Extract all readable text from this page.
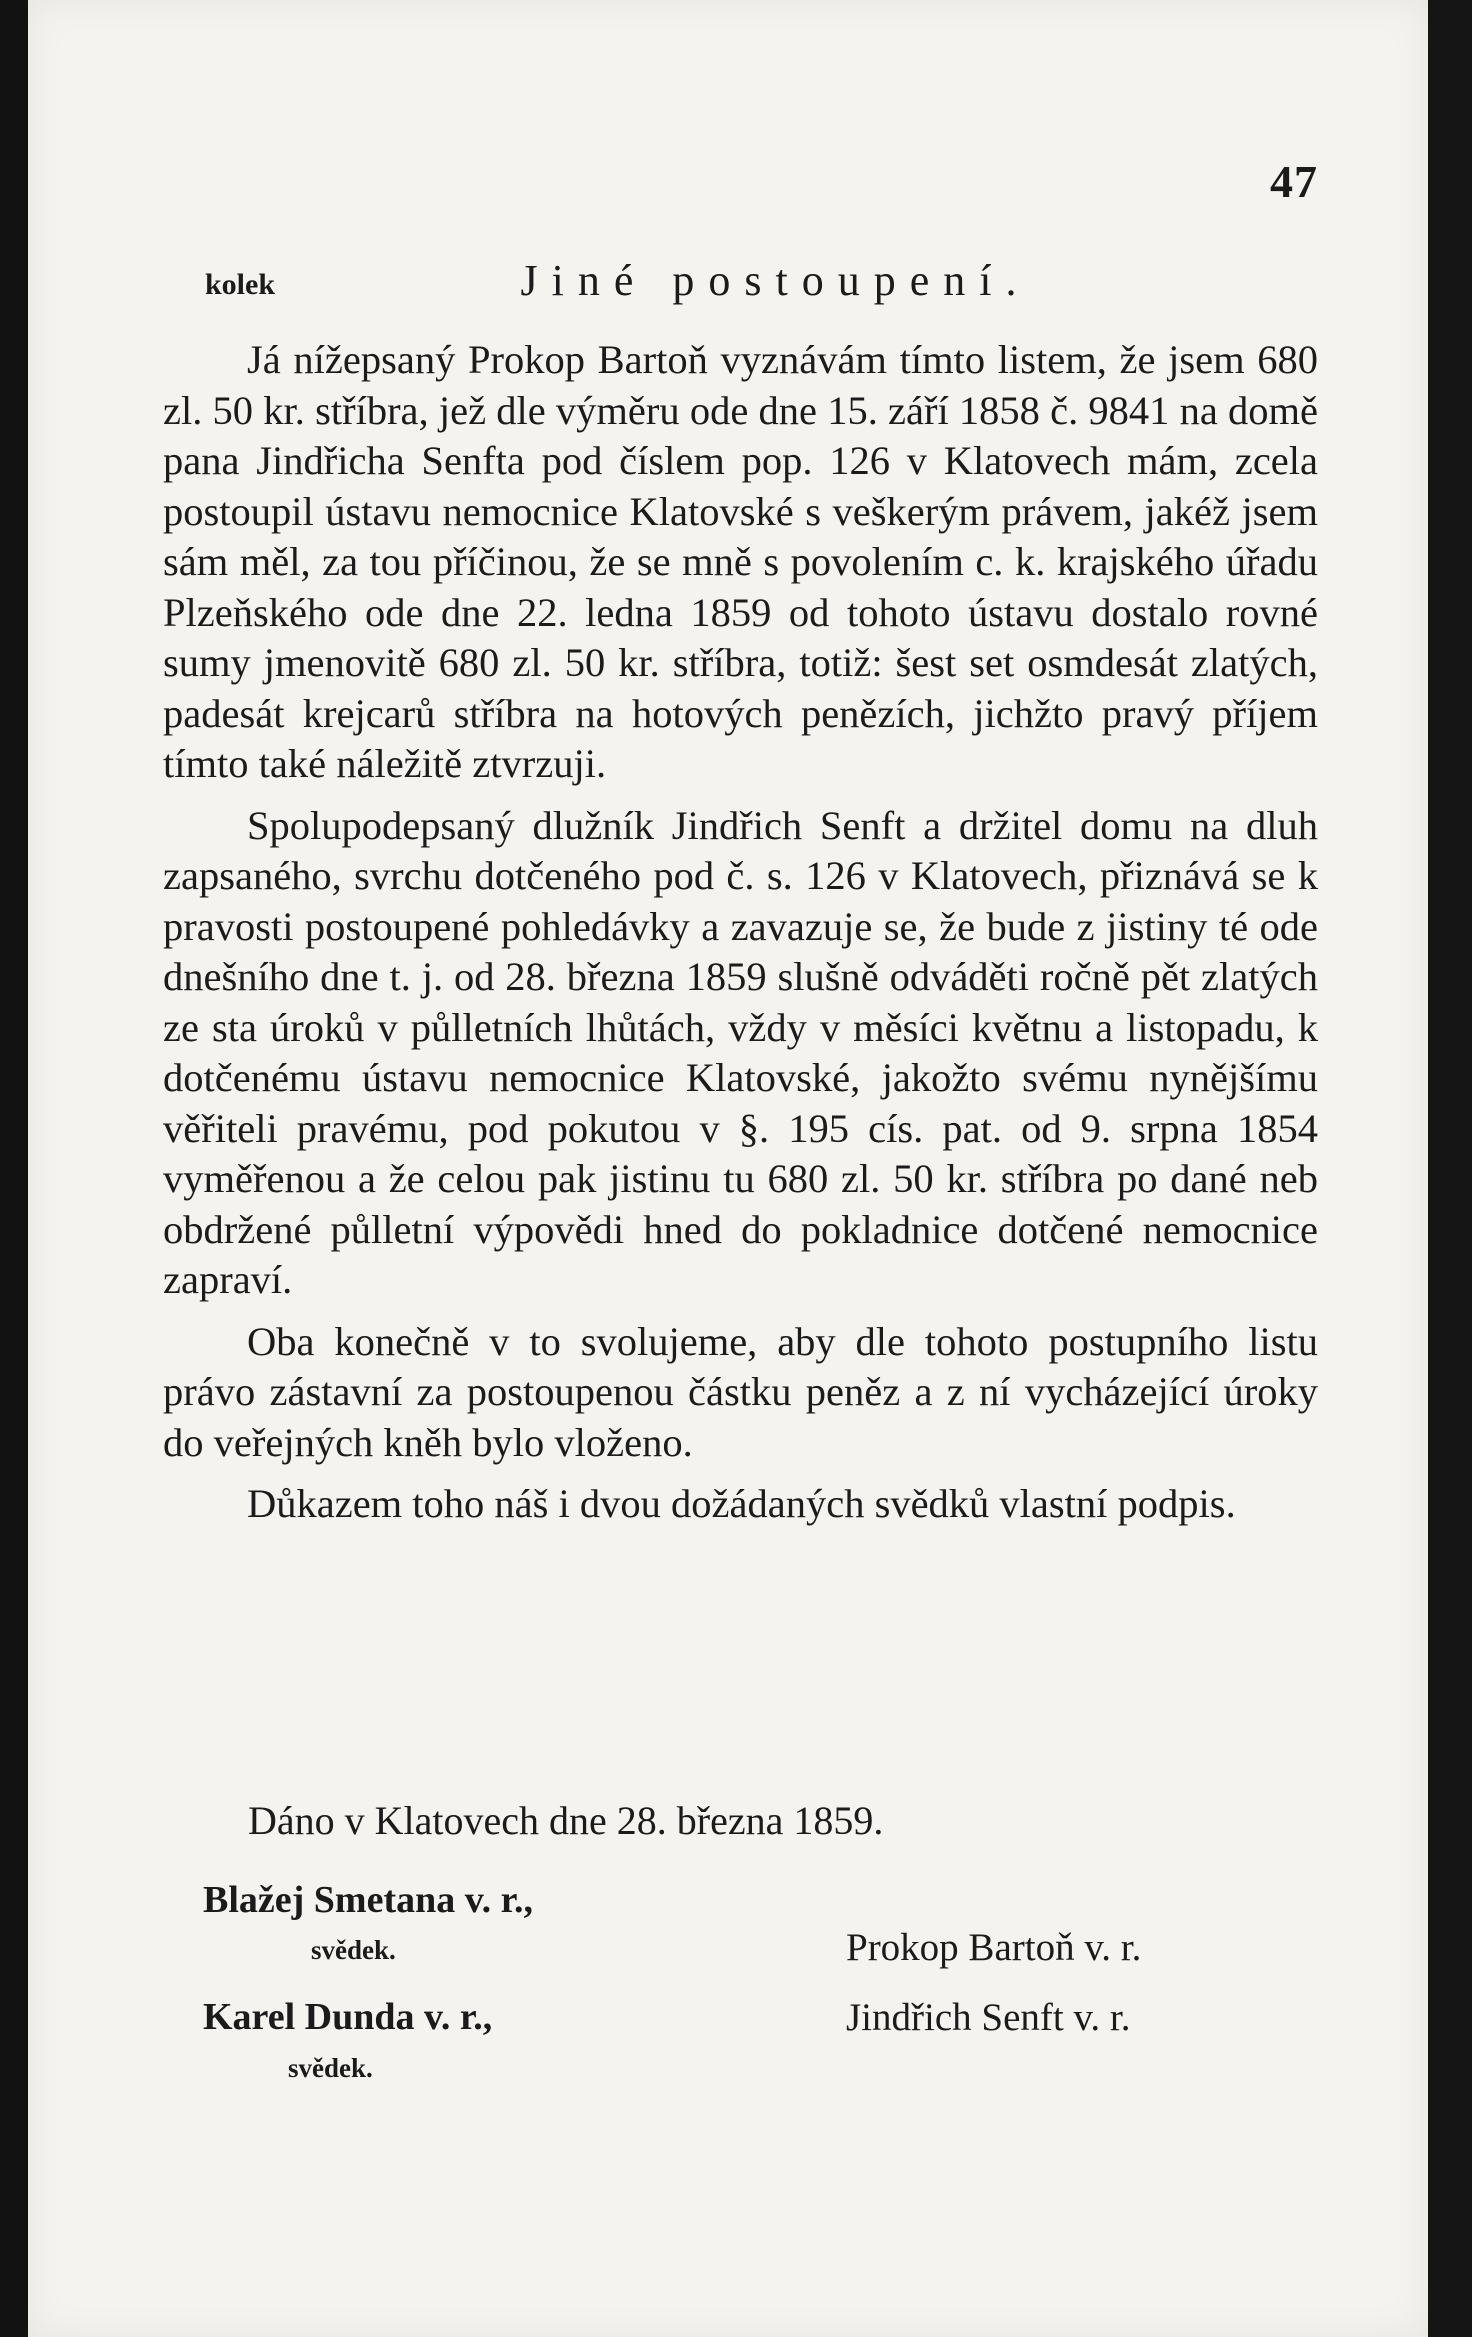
47
kolek	Jiné postoupení.

Já nížepsaný Prokop Bartoň vyznávám tímto listem, že jsem 680 zl. 50 kr. stříbra, jež dle výměru ode dne 15. září 1858 č. 9841 na domě pana Jindřicha Senfta pod číslem pop. 126 v Klatovech mám, zcela postoupil ústavu nemocnice Klatovské s veškerým právem, jakéž jsem sám měl, za tou příčinou, že se mně s povolením c. k. krajského úřadu Plzeňského ode dne 22. ledna 1859 od tohoto ústavu dostalo rovné sumy jmenovitě 680 zl. 50 kr. stříbra, totiž: šest set osmdesát zlatých, padesát krejcarů stříbra na hotových penězích, jichžto pravý příjem tímto také náležitě ztvrzuji.

Spolupodepsaný dlužník Jindřich Senft a držitel domu na dluh zapsaného, svrchu dotčeného pod č. s. 126 v Klatovech, přiznává se k pravosti postoupené pohledávky a zavazuje se, že bude z jistiny té ode dnešního dne t. j. od 28. března 1859 slušně odváděti ročně pět zlatých ze sta úroků v půlletních lhůtách, vždy v měsíci květnu a listopadu, k dotčenému ústavu nemocnice Klatovské, jakožto svému nynějšímu věřiteli pravému, pod pokutou v §. 195 cís. pat. od 9. srpna 1854 vyměřenou a že celou pak jistinu tu 680 zl. 50 kr. stříbra po dané neb obdržené půlletní výpovědi hned do pokladnice dotčené nemocnice zapraví.

Oba konečně v to svolujeme, aby dle tohoto postupního listu právo zástavní za postoupenou částku peněz a z ní vycházející úroky do veřejných kněh bylo vloženo.

Důkazem toho náš i dvou dožádaných svědků vlastní podpis.

Dáno v Klatovech dne 28. března 1859.
Blažej Smetana v. r.,
svědek.
Karel Dunda v. r.,
svědek.
Prokop Bartoň v. r.
Jindřich Senft v. r.
